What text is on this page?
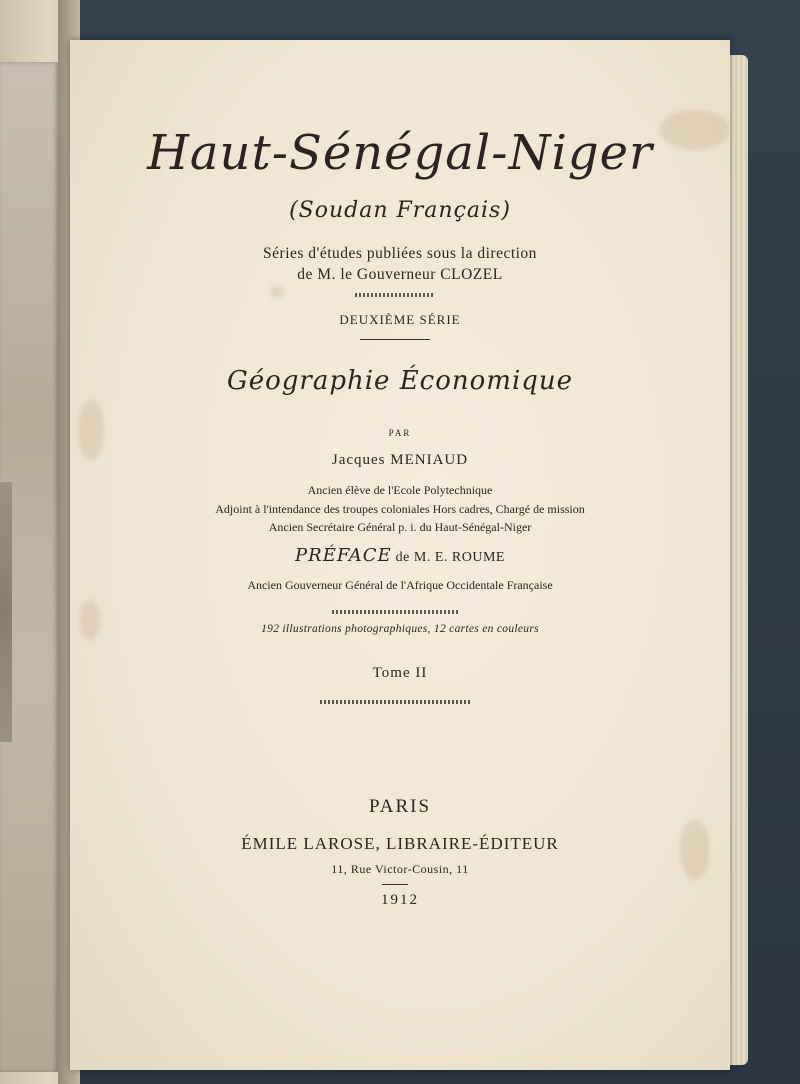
Haut-Sénégal-Niger
(Soudan Français)
Séries d'études publiées sous la direction
de M. le Gouverneur CLOZEL
DEUXIÈME SÉRIE
Géographie Économique
PAR
Jacques MENIAUD
Ancien élève de l'Ecole Polytechnique
Adjoint à l'intendance des troupes coloniales Hors cadres, Chargé de mission
Ancien Secrétaire Général p. i. du Haut-Sénégal-Niger
PRÉFACE de M. E. ROUME
Ancien Gouverneur Général de l'Afrique Occidentale Française
192 illustrations photographiques, 12 cartes en couleurs
Tome II
PARIS
ÉMILE LAROSE, LIBRAIRE-ÉDITEUR
11, Rue Victor-Cousin, 11
1912
